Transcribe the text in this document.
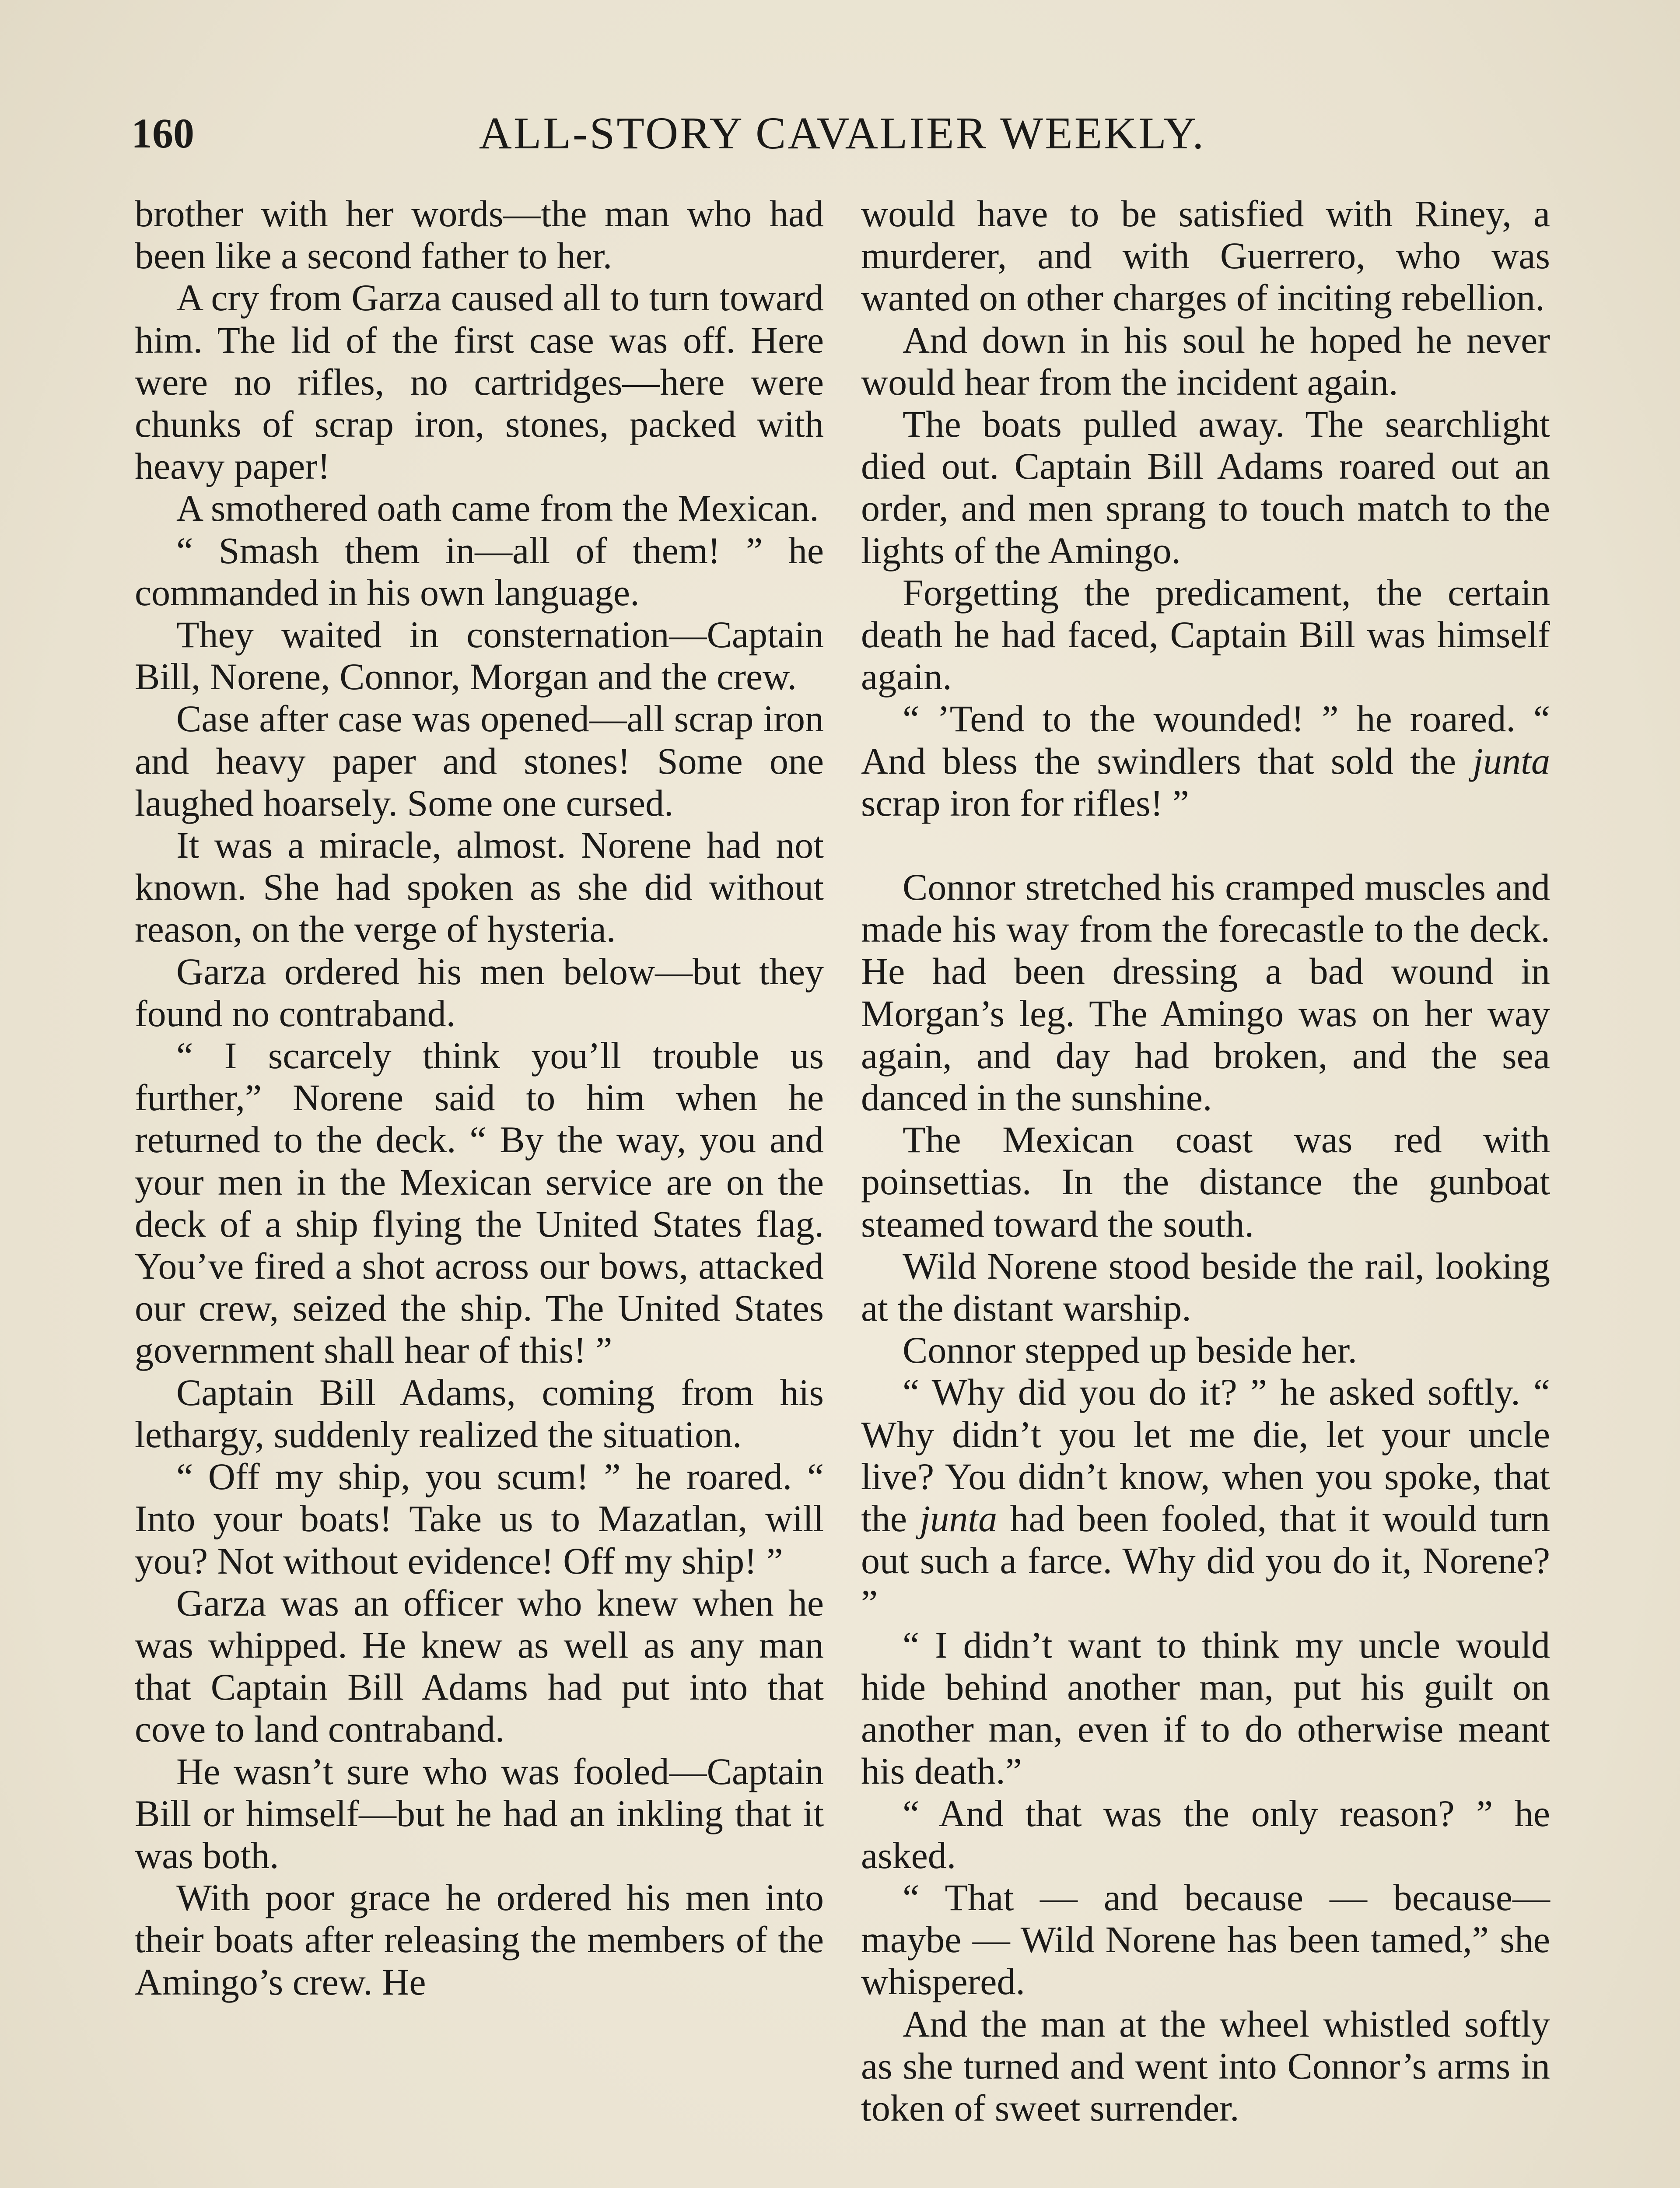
160	ALL-STORY CAVALIER WEEKLY.

brother with her words—the man who had been like a second father to her.

A cry from Garza caused all to turn toward him. The lid of the first case was off. Here were no rifles, no cartridges—here were chunks of scrap iron, stones, packed with heavy paper!

A smothered oath came from the Mexican.

“ Smash them in—all of them! ” he commanded in his own language.

They waited in consternation—Captain Bill, Norene, Connor, Morgan and the crew.

Case after case was opened—all scrap iron and heavy paper and stones! Some one laughed hoarsely. Some one cursed.

It was a miracle, almost. Norene had not known. She had spoken as she did without reason, on the verge of hysteria.

Garza ordered his men below—but they found no contraband.

“ I scarcely think you’ll trouble us further,” Norene said to him when he returned to the deck. “ By the way, you and your men in the Mexican service are on the deck of a ship flying the United States flag. You’ve fired a shot across our bows, attacked our crew, seized the ship. The United States government shall hear of this! ”

Captain Bill Adams, coming from his lethargy, suddenly realized the situation.

“ Off my ship, you scum! ” he roared. “ Into your boats! Take us to Mazatlan, will you? Not without evidence! Off my ship! ”

Garza was an officer who knew when he was whipped. He knew as well as any man that Captain Bill Adams had put into that cove to land contraband.

He wasn’t sure who was fooled—Captain Bill or himself—but he had an inkling that it was both.

With poor grace he ordered his men into their boats after releasing the members of the Amingo’s crew. He

would have to be satisfied with Riney, a murderer, and with Guerrero, who was wanted on other charges of inciting rebellion.

And down in his soul he hoped he never would hear from the incident again.

The boats pulled away. The searchlight died out. Captain Bill Adams roared out an order, and men sprang to touch match to the lights of the Amingo.

Forgetting the predicament, the certain death he had faced, Captain Bill was himself again.

“ ’Tend to the wounded! ” he roared. “ And bless the swindlers that sold the junta scrap iron for rifles! ”

Connor stretched his cramped muscles and made his way from the forecastle to the deck. He had been dressing a bad wound in Morgan’s leg. The Amingo was on her way again, and day had broken, and the sea danced in the sunshine.

The Mexican coast was red with poinsettias. In the distance the gunboat steamed toward the south.

Wild Norene stood beside the rail, looking at the distant warship.

Connor stepped up beside her.

“ Why did you do it? ” he asked softly. “ Why didn’t you let me die, let your uncle live? You didn’t know, when you spoke, that the junta had been fooled, that it would turn out such a farce. Why did you do it, Norene? ”

“ I didn’t want to think my uncle would hide behind another man, put his guilt on another man, even if to do otherwise meant his death.”

“ And that was the only reason? ” he asked.

“ That — and because — because— maybe — Wild Norene has been tamed,” she whispered.

And the man at the wheel whistled softly as she turned and went into Connor’s arms in token of sweet surrender.
